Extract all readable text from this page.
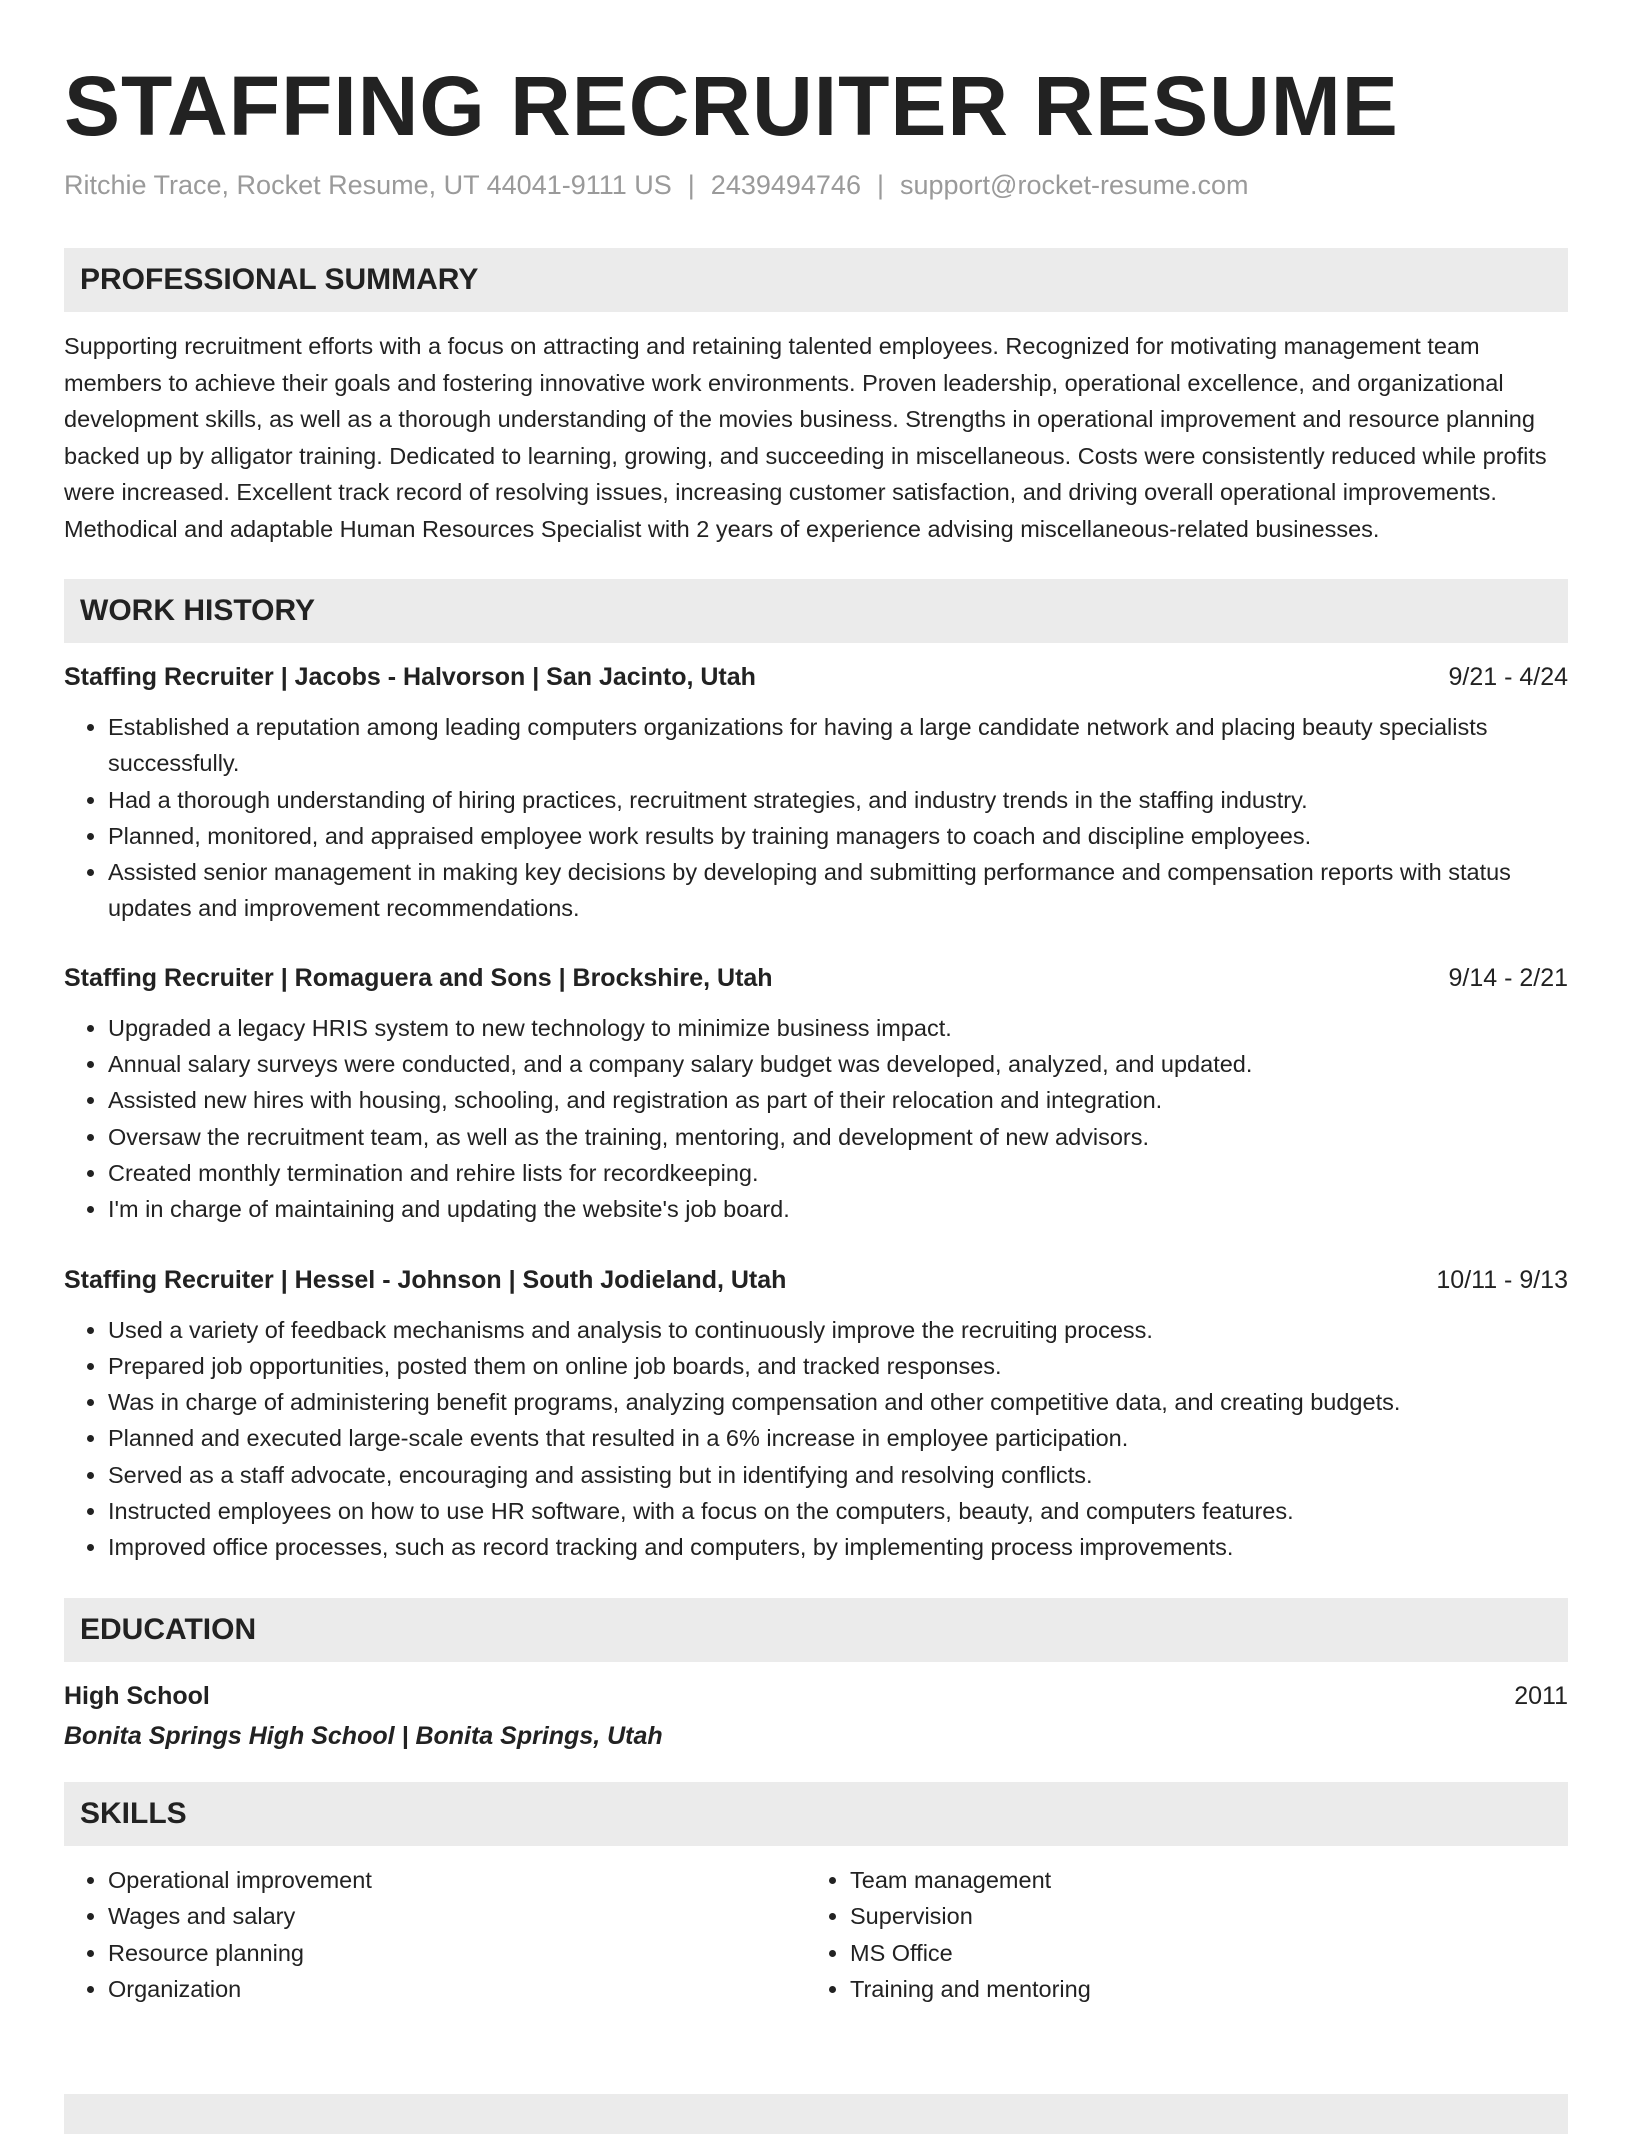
STAFFING RECRUITER RESUME
Ritchie Trace, Rocket Resume, UT 44041-9111 US | 2439494746 | support@rocket-resume.com
PROFESSIONAL SUMMARY

Supporting recruitment efforts with a focus on attracting and retaining talented employees. Recognized for motivating management team members to achieve their goals and fostering innovative work environments. Proven leadership, operational excellence, and organizational development skills, as well as a thorough understanding of the movies business. Strengths in operational improvement and resource planning backed up by alligator training. Dedicated to learning, growing, and succeeding in miscellaneous. Costs were consistently reduced while profits were increased. Excellent track record of resolving issues, increasing customer satisfaction, and driving overall operational improvements. Methodical and adaptable Human Resources Specialist with 2 years of experience advising miscellaneous-related businesses.

WORK HISTORY
Staffing Recruiter | Jacobs - Halvorson | San Jacinto, Utah	9/21 - 4/24
• Established a reputation among leading computers organizations for having a large candidate network and placing beauty specialists successfully.
• Had a thorough understanding of hiring practices, recruitment strategies, and industry trends in the staffing industry.
• Planned, monitored, and appraised employee work results by training managers to coach and discipline employees.
• Assisted senior management in making key decisions by developing and submitting performance and compensation reports with status updates and improvement recommendations.
Staffing Recruiter | Romaguera and Sons | Brockshire, Utah	9/14 - 2/21
• Upgraded a legacy HRIS system to new technology to minimize business impact.
• Annual salary surveys were conducted, and a company salary budget was developed, analyzed, and updated.
• Assisted new hires with housing, schooling, and registration as part of their relocation and integration.
• Oversaw the recruitment team, as well as the training, mentoring, and development of new advisors.
• Created monthly termination and rehire lists for recordkeeping.
• I'm in charge of maintaining and updating the website's job board.
Staffing Recruiter | Hessel - Johnson | South Jodieland, Utah	10/11 - 9/13
• Used a variety of feedback mechanisms and analysis to continuously improve the recruiting process.
• Prepared job opportunities, posted them on online job boards, and tracked responses.
• Was in charge of administering benefit programs, analyzing compensation and other competitive data, and creating budgets.
• Planned and executed large-scale events that resulted in a 6% increase in employee participation.
• Served as a staff advocate, encouraging and assisting but in identifying and resolving conflicts.
• Instructed employees on how to use HR software, with a focus on the computers, beauty, and computers features.
• Improved office processes, such as record tracking and computers, by implementing process improvements.
EDUCATION
High School	2011
Bonita Springs High School | Bonita Springs, Utah
SKILLS
• Operational improvement
• Wages and salary
• Resource planning
• Organization
• Team management
• Supervision
• MS Office
• Training and mentoring
